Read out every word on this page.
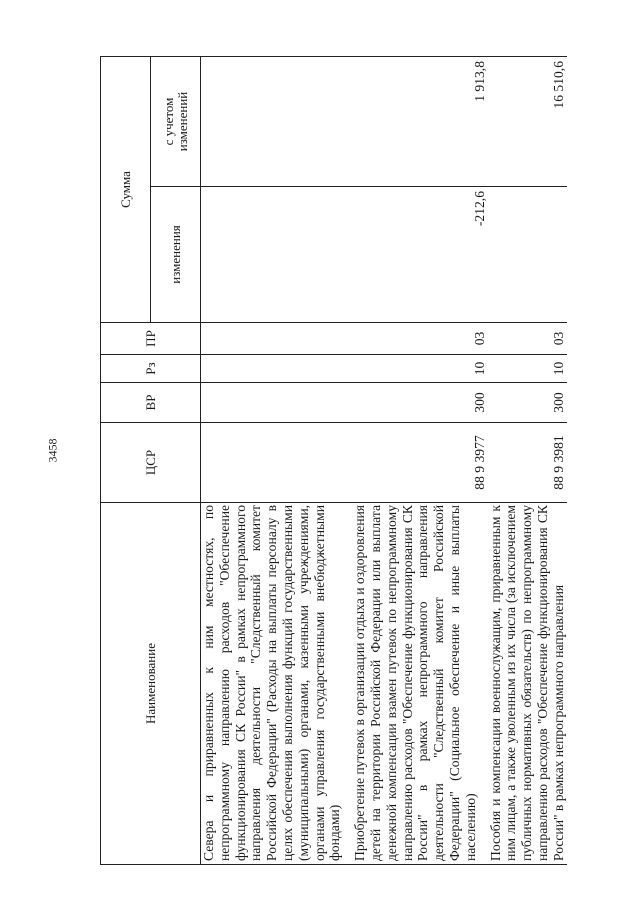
3458
Наименование	ЦСР	ВР	Рз	ПР	Сумма	
					изменения	с учетом изменений

Севера и приравненных к ним местностях, по непрограммному направлению расходов "Обеспечение функционирования СК России" в рамках непрограммного направления деятельности "Следственный комитет Российской Федерации" (Расходы на выплаты персоналу в целях обеспечения выполнения функций государственными (муниципальными) органами, казенными учреждениями, органами управления государственными внебюджетными фондами)						

Приобретение путевок в организации отдыха и оздоровления детей на территории Российской Федерации или выплата денежной компенсации взамен путевок по непрограммному направлению расходов "Обеспечение функционирования СК России" в рамках непрограммного направления деятельности "Следственный комитет Российской Федерации" (Социальное обеспечение и иные выплаты населению)	88 9 3977	300	10	03	-212,6	1 913,8

Пособия и компенсации военнослужащим, приравненным к ним лицам, а также уволенным из их числа (за исключением публичных нормативных обязательств) по непрограммному направлению расходов "Обеспечение функционирования СК России" в рамках непрограммного направления	88 9 3981	300	10	03		16 510,6
